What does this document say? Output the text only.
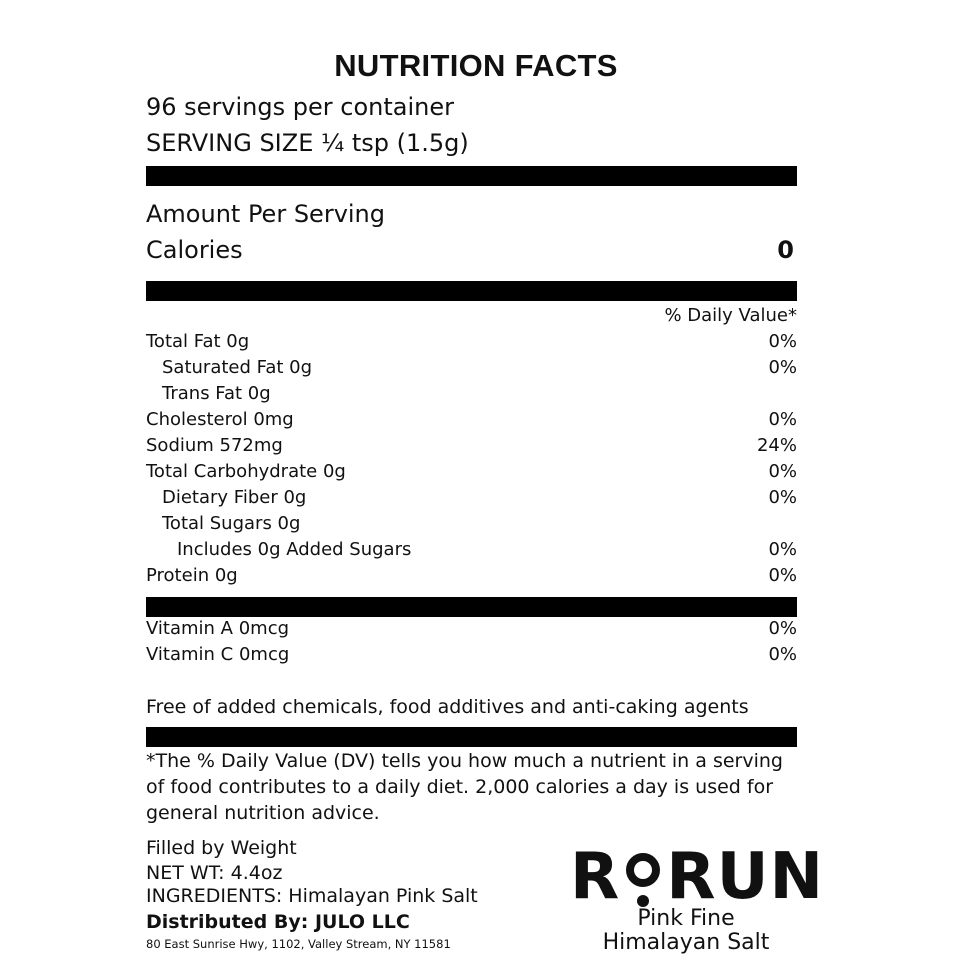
NUTRITION FACTS
96 servings per container
SERVING SIZE ¼ tsp (1.5g)
Amount Per Serving
Calories	0
% Daily Value*
Total Fat 0g	0%
Saturated Fat 0g	0%
Trans Fat 0g
Cholesterol 0mg	0%
Sodium 572mg	24%
Total Carbohydrate 0g	0%
Dietary Fiber 0g	0%
Total Sugars 0g
Includes 0g Added Sugars	0%
Protein 0g	0%
Vitamin A 0mcg	0%
Vitamin C 0mcg	0%
Free of added chemicals, food additives and anti-caking agents
*The % Daily Value (DV) tells you how much a nutrient in a serving of food contributes to a daily diet. 2,000 calories a day is used for general nutrition advice.
Filled by Weight
NET WT: 4.4oz
INGREDIENTS: Himalayan Pink Salt
Distributed By: JULO LLC
80 East Sunrise Hwy, 1102, Valley Stream, NY 11581
R RUN
Pink Fine
Himalayan Salt
